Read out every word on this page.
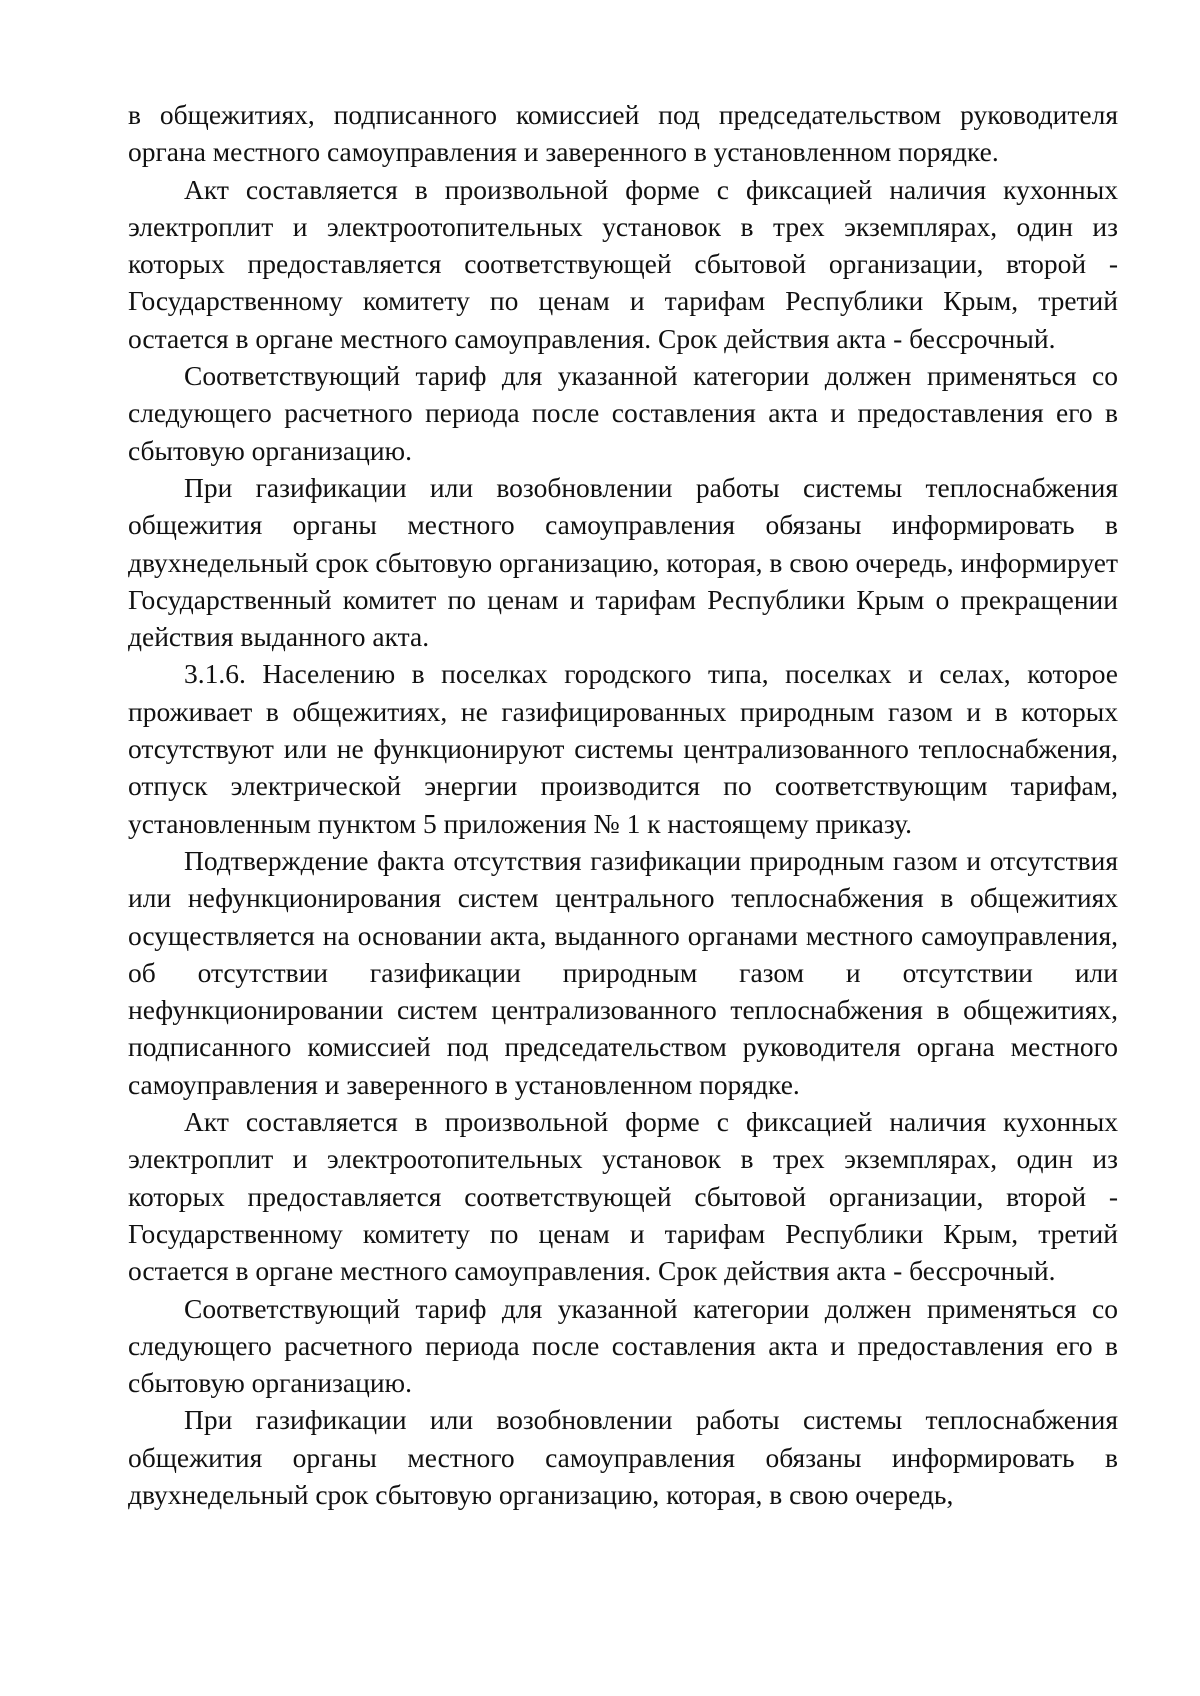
в общежитиях, подписанного комиссией под председательством руководителя органа местного самоуправления и заверенного в установленном порядке.

Акт составляется в произвольной форме с фиксацией наличия кухонных электроплит и электроотопительных установок в трех экземплярах, один из которых предоставляется соответствующей сбытовой организации, второй - Государственному комитету по ценам и тарифам Республики Крым, третий остается в органе местного самоуправления. Срок действия акта - бессрочный.

Соответствующий тариф для указанной категории должен применяться со следующего расчетного периода после составления акта и предоставления его в сбытовую организацию.

При газификации или возобновлении работы системы теплоснабжения общежития органы местного самоуправления обязаны информировать в двухнедельный срок сбытовую организацию, которая, в свою очередь, информирует Государственный комитет по ценам и тарифам Республики Крым о прекращении действия выданного акта.

3.1.6. Населению в поселках городского типа, поселках и селах, которое проживает в общежитиях, не газифицированных природным газом и в которых отсутствуют или не функционируют системы централизованного теплоснабжения, отпуск электрической энергии производится по соответствующим тарифам, установленным пунктом 5 приложения № 1 к настоящему приказу.

Подтверждение факта отсутствия газификации природным газом и отсутствия или нефункционирования систем центрального теплоснабжения в общежитиях осуществляется на основании акта, выданного органами местного самоуправления, об отсутствии газификации природным газом и отсутствии или нефункционировании систем централизованного теплоснабжения в общежитиях, подписанного комиссией под председательством руководителя органа местного самоуправления и заверенного в установленном порядке.

Акт составляется в произвольной форме с фиксацией наличия кухонных электроплит и электроотопительных установок в трех экземплярах, один из которых предоставляется соответствующей сбытовой организации, второй - Государственному комитету по ценам и тарифам Республики Крым, третий остается в органе местного самоуправления. Срок действия акта - бессрочный.

Соответствующий тариф для указанной категории должен применяться со следующего расчетного периода после составления акта и предоставления его в сбытовую организацию.

При газификации или возобновлении работы системы теплоснабжения общежития органы местного самоуправления обязаны информировать в двухнедельный срок сбытовую организацию, которая, в свою очередь,
